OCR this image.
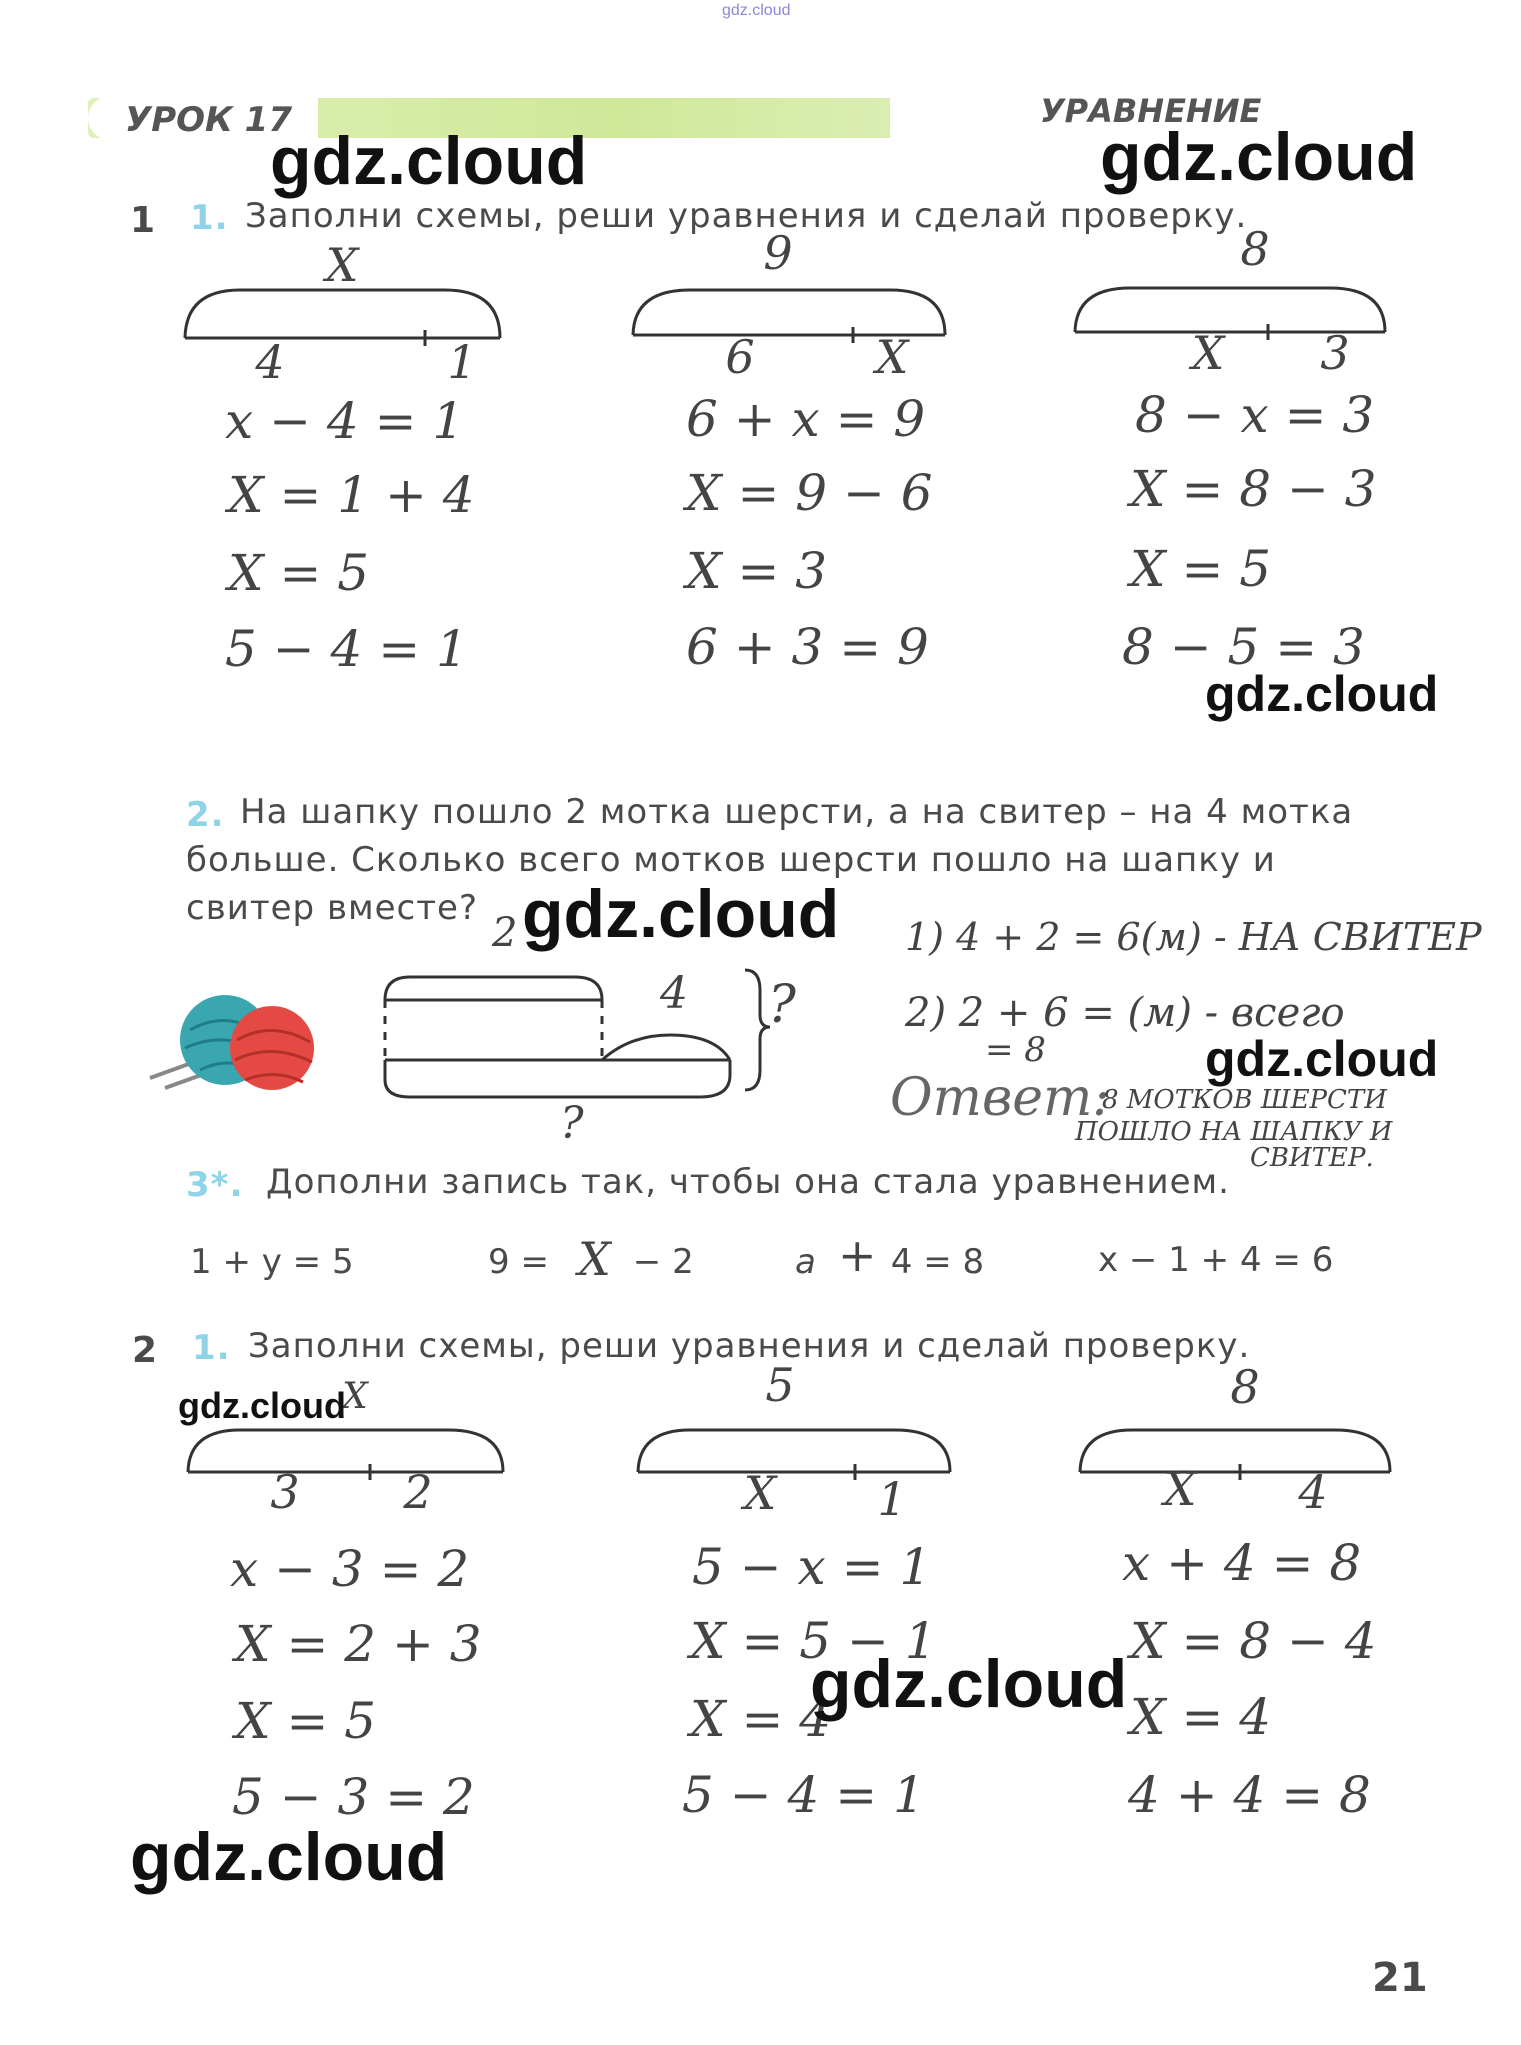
gdz.cloud
УРОК 17	УРАВНЕНИЕ
1 1. Заполни схемы, реши уравнения и сделай проверку.
X
4	1
9
6	X
8
X	3
x − 4 = 1
X = 1 + 4
X = 5
5 − 4 = 1
6 + x = 9
X = 9 − 6
X = 3
6 + 3 = 9
8 − x = 3
X = 8 − 3
X = 5
8 − 5 = 3
2. На шапку пошло 2 мотка шерсти, а на свитер – на 4 мотка
больше. Сколько всего мотков шерсти пошло на шапку и
свитер вместе?
2
4 ?
?
1) 4 + 2 = 6(м) - НА СВИТЕР
2) 2 + 6 = (м) - всего
= 8
Ответ:
8 МОТКОВ ШЕРСТИ
ПОШЛО НА ШАПКУ И
СВИТЕР.
3*. Дополни запись так, чтобы она стала уравнением.
1 + y = 5	9 = X − 2	a + 4 = 8	x − 1 + 4 = 6
2 1. Заполни схемы, реши уравнения и сделай проверку.
X
3	2
5
X	1
8
X	4
x − 3 = 2
X = 2 + 3
X = 5
5 − 3 = 2
5 − x = 1
X = 5 − 1
X = 4
5 − 4 = 1
x + 4 = 8
X = 8 − 4
X = 4
4 + 4 = 8
21
gdz.cloud	gdz.cloud
gdz.cloud
gdz.cloud
gdz.cloud
gdz.cloud
gdz.cloud
gdz.cloud
